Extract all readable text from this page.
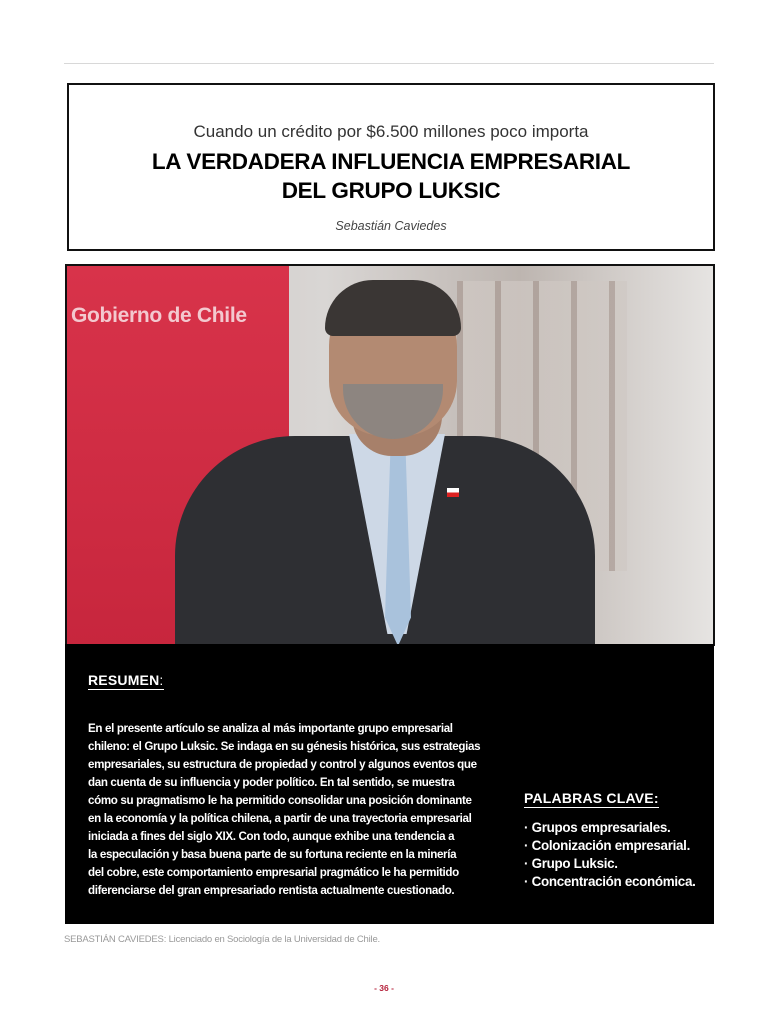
Cuando un crédito por $6.500 millones poco importa
LA VERDADERA INFLUENCIA EMPRESARIAL
DEL GRUPO LUKSIC
Sebastián Caviedes
Gobierno de Chile
RESUMEN:
En el presente artículo se analiza al más importante grupo empresarial
chileno: el Grupo Luksic. Se indaga en su génesis histórica, sus estrategias
empresariales, su estructura de propiedad y control y algunos eventos que
dan cuenta de su influencia y poder político. En tal sentido, se muestra
cómo su pragmatismo le ha permitido consolidar una posición dominante
en la economía y la política chilena, a partir de una trayectoria empresarial
iniciada a fines del siglo XIX. Con todo, aunque exhibe una tendencia a
la especulación y basa buena parte de su fortuna reciente en la minería
del cobre, este comportamiento empresarial pragmático le ha permitido
diferenciarse del gran empresariado rentista actualmente cuestionado.
PALABRAS CLAVE:
· Grupos empresariales.
· Colonización empresarial.
· Grupo Luksic.
· Concentración económica.
SEBASTIÁN CAVIEDES: Licenciado en Sociología de la Universidad de Chile.
- 36 -
